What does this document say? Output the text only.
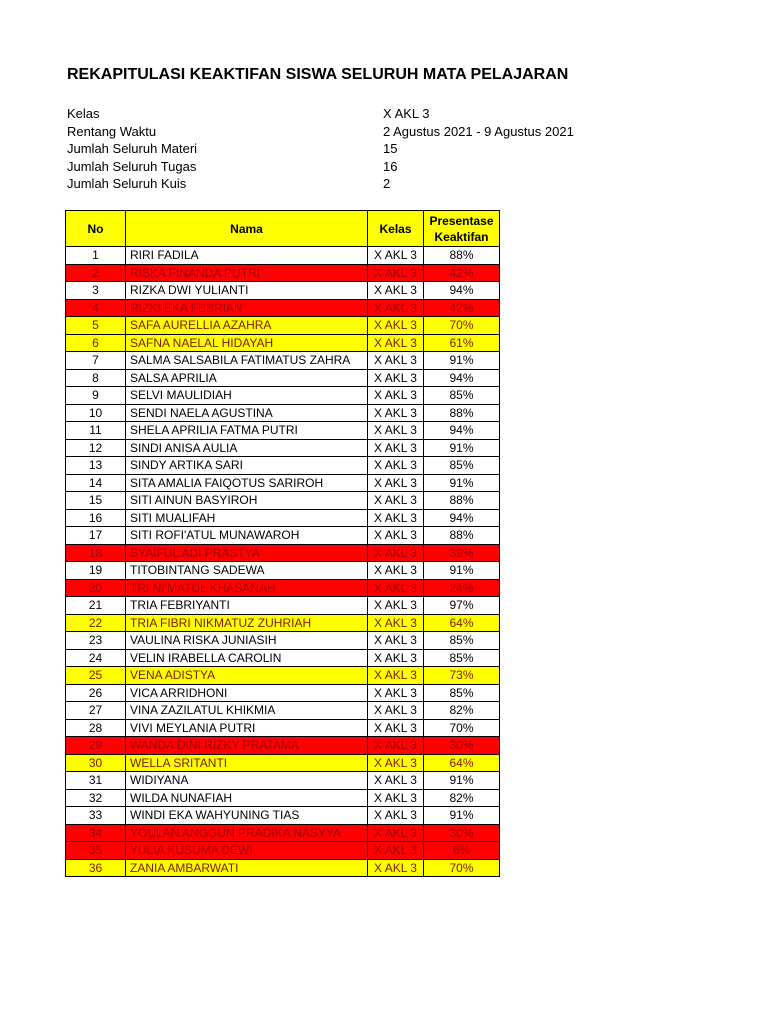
REKAPITULASI KEAKTIFAN SISWA SELURUH MATA PELAJARAN
Kelas	X AKL 3
Rentang Waktu	2 Agustus 2021 - 9 Agustus 2021
Jumlah Seluruh Materi	15
Jumlah Seluruh Tugas	16
Jumlah Seluruh Kuis	2
No	Nama	Kelas	Presentase Keaktifan
1	RIRI FADILA	X AKL 3	88%
2	RISKA FINANDA PUTRI	X AKL 3	42%
3	RIZKA DWI YULIANTI	X AKL 3	94%
4	RIZKI EKA FEBRIAN	X AKL 3	42%
5	SAFA AURELLIA AZAHRA	X AKL 3	70%
6	SAFNA NAELAL HIDAYAH	X AKL 3	61%
7	SALMA SALSABILA FATIMATUS ZAHRA	X AKL 3	91%
8	SALSA APRILIA	X AKL 3	94%
9	SELVI MAULIDIAH	X AKL 3	85%
10	SENDI NAELA AGUSTINA	X AKL 3	88%
11	SHELA APRILIA FATMA PUTRI	X AKL 3	94%
12	SINDI ANISA AULIA	X AKL 3	91%
13	SINDY ARTIKA SARI	X AKL 3	85%
14	SITA AMALIA FAIQOTUS SARIROH	X AKL 3	91%
15	SITI AINUN BASYIROH	X AKL 3	88%
16	SITI MUALIFAH	X AKL 3	94%
17	SITI ROFI'ATUL MUNAWAROH	X AKL 3	88%
18	SYAIFUL ADI PRASTYA	X AKL 3	39%
19	TITOBINTANG SADEWA	X AKL 3	91%
20	TRI NI'MATUL KHASANAH	X AKL 3	24%
21	TRIA FEBRIYANTI	X AKL 3	97%
22	TRIA FIBRI NIKMATUZ ZUHRIAH	X AKL 3	64%
23	VAULINA RISKA JUNIASIH	X AKL 3	85%
24	VELIN IRABELLA CAROLIN	X AKL 3	85%
25	VENA ADISTYA	X AKL 3	73%
26	VICA ARRIDHONI	X AKL 3	85%
27	VINA ZAZILATUL KHIKMIA	X AKL 3	82%
28	VIVI MEYLANIA PUTRI	X AKL 3	70%
29	WANDA DINI RIZKY PRATAMA	X AKL 3	30%
30	WELLA SRITANTI	X AKL 3	64%
31	WIDIYANA	X AKL 3	91%
32	WILDA NUNAFIAH	X AKL 3	82%
33	WINDI EKA WAHYUNING TIAS	X AKL 3	91%
34	YOULAN ANGGUN PRADIKA NASYYA	X AKL 3	30%
35	YULIA KUSUMA DEWI	X AKL 3	6%
36	ZANIA AMBARWATI	X AKL 3	70%
